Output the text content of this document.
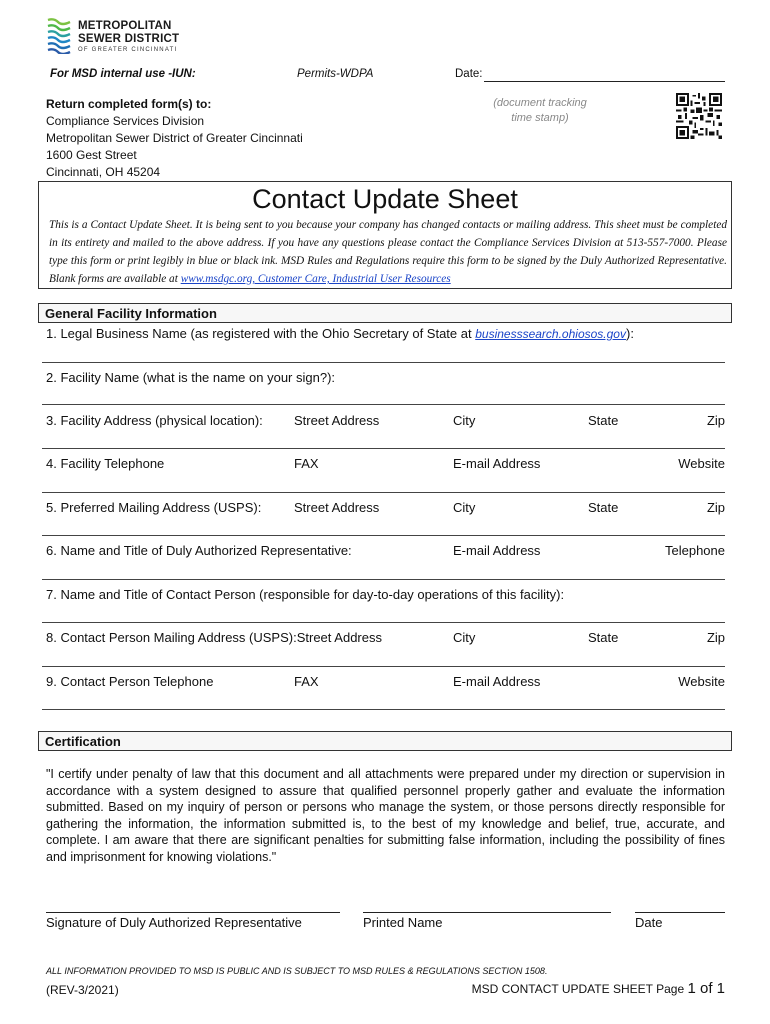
METROPOLITAN
SEWER DISTRICT
OF GREATER CINCINNATI
For MSD internal use -IUN:	Permits-WDPA	Date:
Return completed form(s) to:
Compliance Services Division
Metropolitan Sewer District of Greater Cincinnati
1600 Gest Street
Cincinnati, OH 45204
(document tracking
time stamp)
Contact Update Sheet
This is a Contact Update Sheet. It is being sent to you because your company has changed contacts or mailing address. This sheet must be completed in its entirety and mailed to the above address. If you have any questions please contact the Compliance Services Division at 513-557-7000. Please type this form or print legibly in blue or black ink. MSD Rules and Regulations require this form to be signed by the Duly Authorized Representative. Blank forms are available at www.msdgc.org, Customer Care, Industrial User Resources
General Facility Information
1. Legal Business Name (as registered with the Ohio Secretary of State at businesssearch.ohiosos.gov):
2. Facility Name (what is the name on your sign?):
3. Facility Address (physical location): Street Address	City	State	Zip
4. Facility Telephone	FAX	E-mail Address	Website
5. Preferred Mailing Address (USPS):	Street Address	City	State	Zip
6. Name and Title of Duly Authorized Representative:	E-mail Address	Telephone
7. Name and Title of Contact Person (responsible for day-to-day operations of this facility):
8. Contact Person Mailing Address (USPS):Street Address	City	State	Zip
9. Contact Person Telephone	FAX	E-mail Address	Website
Certification
"I certify under penalty of law that this document and all attachments were prepared under my direction or supervision in accordance with a system designed to assure that qualified personnel properly gather and evaluate the information submitted. Based on my inquiry of person or persons who manage the system, or those persons directly responsible for gathering the information, the information submitted is, to the best of my knowledge and belief, true, accurate, and complete. I am aware that there are significant penalties for submitting false information, including the possibility of fines and imprisonment for knowing violations."
Signature of Duly Authorized Representative	Printed Name	Date
ALL INFORMATION PROVIDED TO MSD IS PUBLIC AND IS SUBJECT TO MSD RULES & REGULATIONS SECTION 1508.
(REV-3/2021)	MSD CONTACT UPDATE SHEET Page 1 of 1
